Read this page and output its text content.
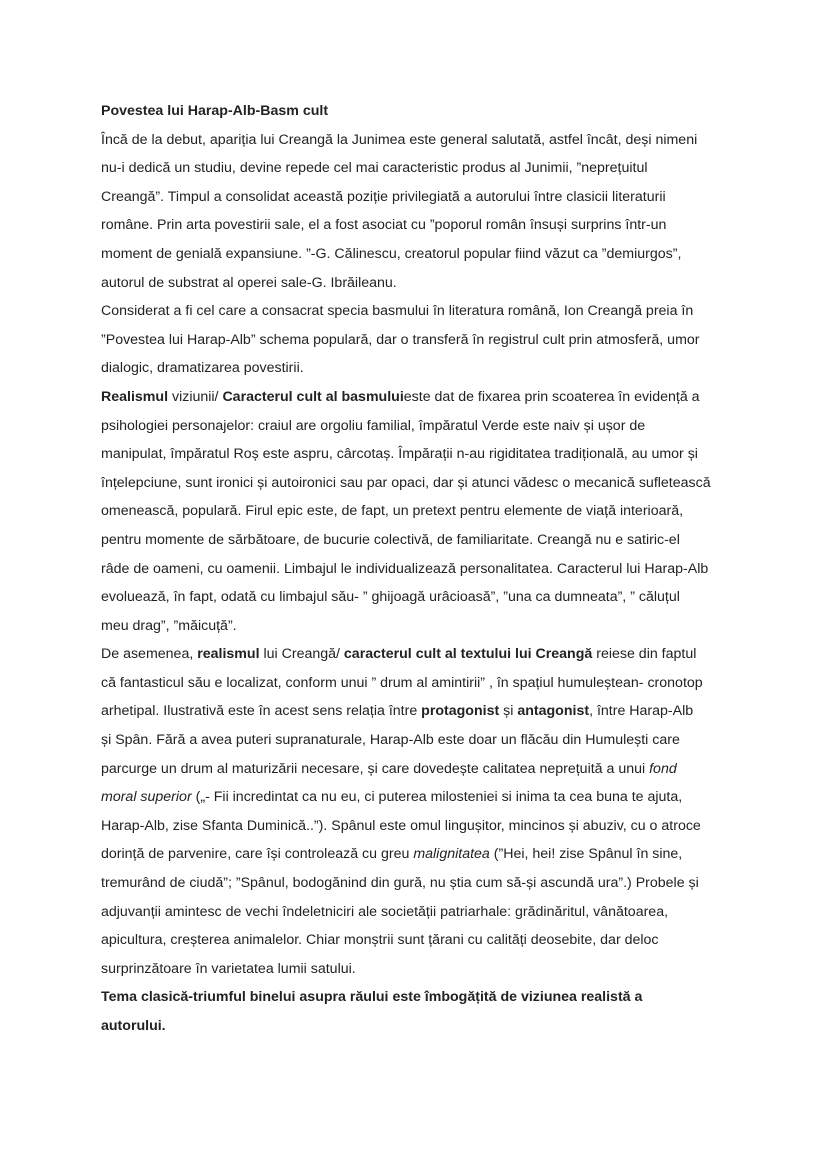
Povestea lui Harap-Alb-Basm cult
Încă de la debut, apariția lui Creangă la Junimea este general salutată, astfel încât, deși nimeni
nu-i dedică un studiu, devine repede cel mai caracteristic produs al Junimii, ”neprețuitul
Creangă”. Timpul a consolidat această poziție privilegiată a autorului între clasicii literaturii
române. Prin arta povestirii sale, el a fost asociat cu ”poporul român însuși surprins într-un
moment de genială expansiune. ”-G. Călinescu, creatorul popular fiind văzut ca ”demiurgos”,
autorul de substrat al operei sale-G. Ibrăileanu.
Considerat a fi cel care a consacrat specia basmului în literatura română, Ion Creangă preia în
”Povestea lui Harap-Alb” schema populară, dar o transferă în registrul cult prin atmosferă, umor
dialogic, dramatizarea povestirii.
Realismul viziunii/ Caracterul cult al basmuluieste dat de fixarea prin scoaterea în evidență a
psihologiei personajelor: craiul are orgoliu familial, împăratul Verde este naiv și ușor de
manipulat, împăratul Roș este aspru, cârcotaș. Împărații n-au rigiditatea tradițională, au umor și
înțelepciune, sunt ironici și autoironici sau par opaci, dar și atunci vădesc o mecanică sufletească
omenească, populară. Firul epic este, de fapt, un pretext pentru elemente de viață interioară,
pentru momente de sărbătoare, de bucurie colectivă, de familiaritate. Creangă nu e satiric-el
râde de oameni, cu oamenii. Limbajul le individualizează personalitatea. Caracterul lui Harap-Alb
evoluează, în fapt, odată cu limbajul său- ” ghijoagă urâcioasă”, ”una ca dumneata”, ” căluțul
meu drag”, ”măicuță”.
De asemenea, realismul lui Creangă/ caracterul cult al textului lui Creangă reiese din faptul
că fantasticul său e localizat, conform unui ” drum al amintirii” , în spațiul humuleștean- cronotop
arhetipal. Ilustrativă este în acest sens relația între protagonist și antagonist, între Harap-Alb
și Spân. Fără a avea puteri supranaturale, Harap-Alb este doar un flăcău din Humulești care
parcurge un drum al maturizării necesare, și care dovedește calitatea neprețuită a unui fond
moral superior („- Fii incredintat ca nu eu, ci puterea milosteniei si inima ta cea buna te ajuta,
Harap-Alb, zise Sfanta Duminică..”). Spânul este omul lingușitor, mincinos și abuziv, cu o atroce
dorință de parvenire, care își controlează cu greu malignitatea (”Hei, hei! zise Spânul în sine,
tremurând de ciudă”; ”Spânul, bodogănind din gură, nu știa cum să-și ascundă ura”.) Probele și
adjuvanții amintesc de vechi îndeletniciri ale societății patriarhale: grădinăritul, vânătoarea,
apicultura, creșterea animalelor. Chiar monștrii sunt țărani cu calități deosebite, dar deloc
surprinzătoare în varietatea lumii satului.
Tema clasică-triumful binelui asupra răului este îmbogățită de viziunea realistă a
autorului.
